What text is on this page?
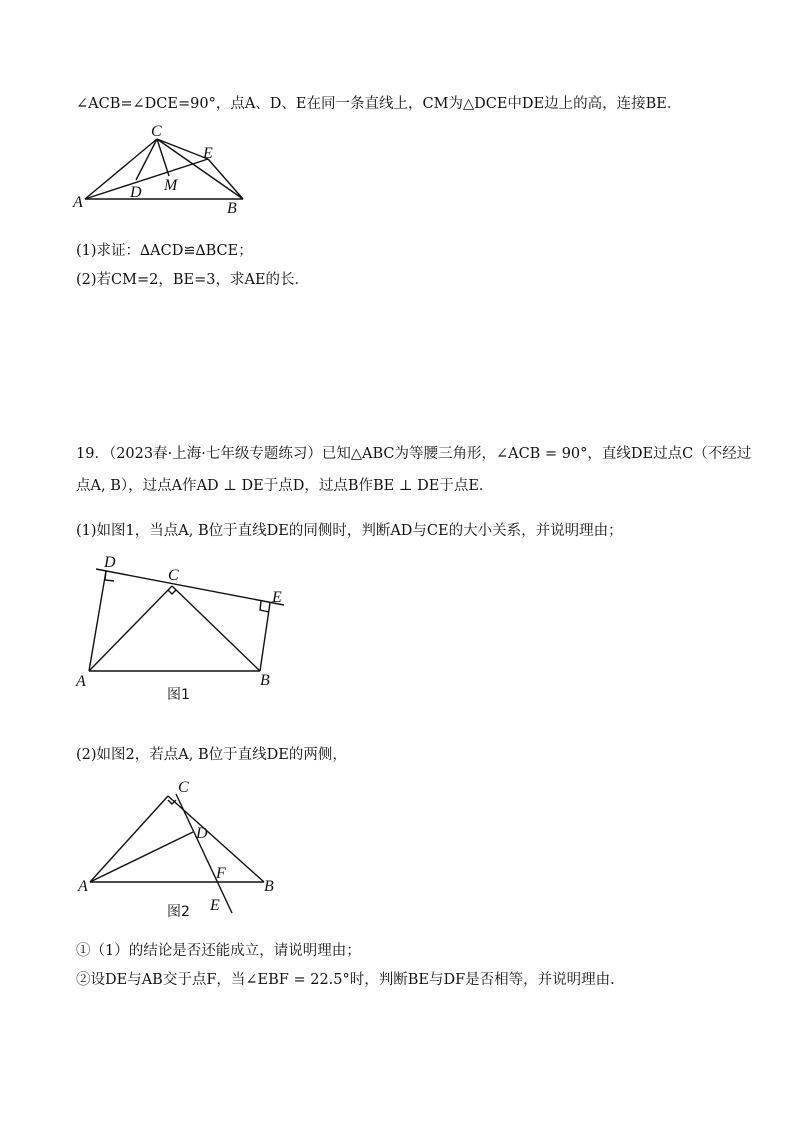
∠ACB=∠DCE=90°，点A、D、E在同一条直线上，CM为△DCE中DE边上的高，连接BE．
C
E
D M
A	B
(1)求证：∆ACD≌∆BCE；
(2)若CM=2，BE=3，求AE的长．
19．（2023春·上海·七年级专题练习）已知△ABC为等腰三角形，∠ACB = 90°，直线DE过点C（不经过
点A, B），过点A作AD ⊥ DE于点D，过点B作BE ⊥ DE于点E．
(1)如图1，当点A, B位于直线DE的同侧时，判断AD与CE的大小关系，并说明理由；
D
C
E
A	B
图1
(2)如图2，若点A, B位于直线DE的两侧，
C
D
F
A	B
E
图2
①（1）的结论是否还能成立，请说明理由；
②设DE与AB交于点F，当∠EBF = 22.5°时，判断BE与DF是否相等，并说明理由.
